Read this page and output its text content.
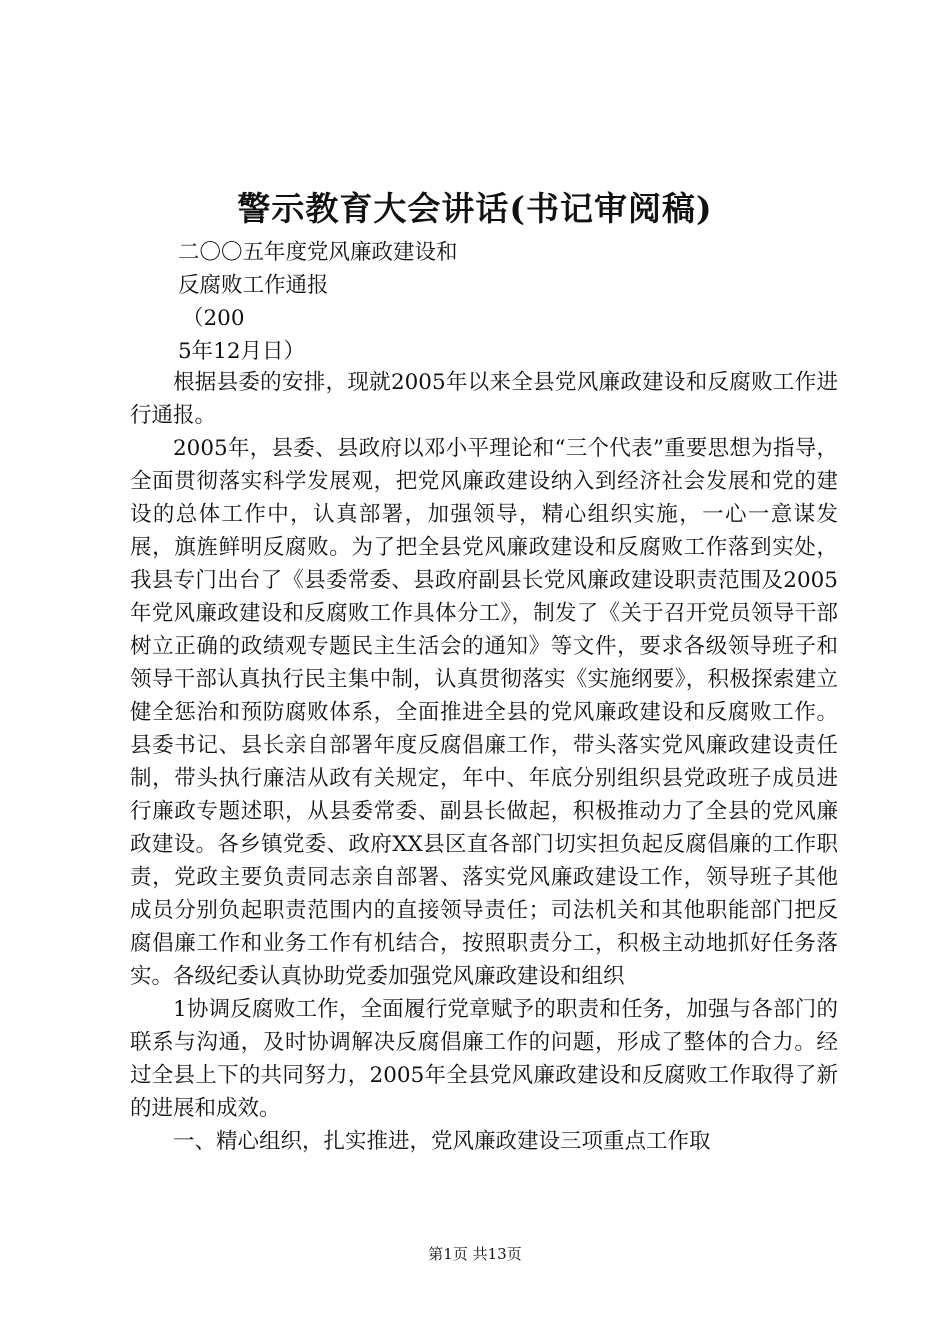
警示教育大会讲话(书记审阅稿)
二〇〇五年度党风廉政建设和
反腐败工作通报
（200
5年12月日）

根据县委的安排，现就2005年以来全县党风廉政建设和反腐败工作进行通报。

2005年，县委、县政府以邓小平理论和“三个代表”重要思想为指导，全面贯彻落实科学发展观，把党风廉政建设纳入到经济社会发展和党的建设的总体工作中，认真部署，加强领导，精心组织实施，一心一意谋发展，旗旌鲜明反腐败。为了把全县党风廉政建设和反腐败工作落到实处，我县专门出台了《县委常委、县政府副县长党风廉政建设职责范围及2005年党风廉政建设和反腐败工作具体分工》，制发了《关于召开党员领导干部树立正确的政绩观专题民主生活会的通知》等文件，要求各级领导班子和领导干部认真执行民主集中制，认真贯彻落实《实施纲要》，积极探索建立健全惩治和预防腐败体系，全面推进全县的党风廉政建设和反腐败工作。县委书记、县长亲自部署年度反腐倡廉工作，带头落实党风廉政建设责任制，带头执行廉洁从政有关规定，年中、年底分别组织县党政班子成员进行廉政专题述职，从县委常委、副县长做起，积极推动力了全县的党风廉政建设。各乡镇党委、政府XX县区直各部门切实担负起反腐倡廉的工作职责，党政主要负责同志亲自部署、落实党风廉政建设工作，领导班子其他成员分别负起职责范围内的直接领导责任；司法机关和其他职能部门把反腐倡廉工作和业务工作有机结合，按照职责分工，积极主动地抓好任务落实。各级纪委认真协助党委加强党风廉政建设和组织

1协调反腐败工作，全面履行党章赋予的职责和任务，加强与各部门的联系与沟通，及时协调解决反腐倡廉工作的问题，形成了整体的合力。经过全县上下的共同努力，2005年全县党风廉政建设和反腐败工作取得了新的进展和成效。

一、精心组织，扎实推进，党风廉政建设三项重点工作取

第1页 共13页
